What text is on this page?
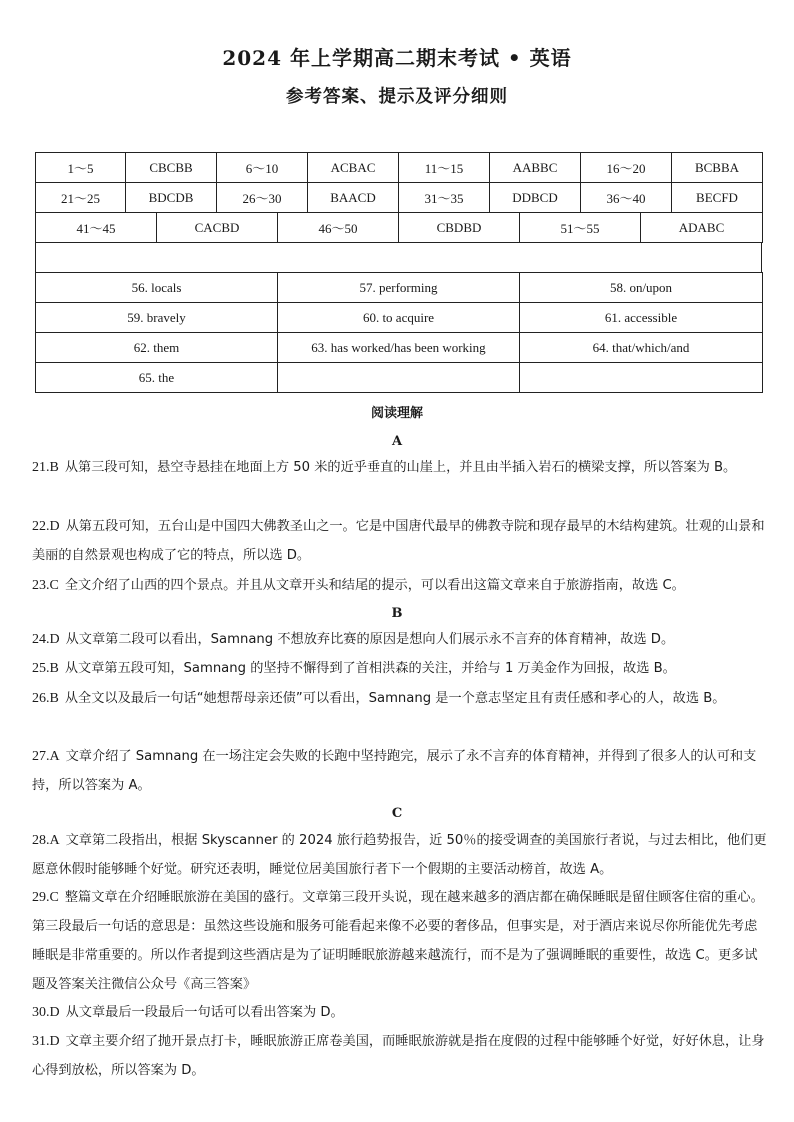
2024 年上学期高二期末考试 • 英语
参考答案、提示及评分细则
1～5	CBCBB	6～10	ACBAC	11～15	AABBC	16～20	BCBBA
21～25	BDCDB	26～30	BAACD	31～35	DDBCD	36～40	BECFD
41～45	CACBD	46～50	CBDBD	51～55	ADABC
56. locals	57. performing	58. on/upon
59. bravely	60. to acquire	61. accessible
62. them	63. has worked/has been working	64. that/which/and
65. the		
阅读理解
A
21.B 从第三段可知，悬空寺悬挂在地面上方 50 米的近乎垂直的山崖上，并且由半插入岩石的横梁支撑，所以答案为 B。
22.D 从第五段可知，五台山是中国四大佛教圣山之一。它是中国唐代最早的佛教寺院和现存最早的木结构建筑。壮观的山景和美丽的自然景观也构成了它的特点，所以选 D。
23.C 全文介绍了山西的四个景点。并且从文章开头和结尾的提示，可以看出这篇文章来自于旅游指南，故选 C。
B
24.D 从文章第二段可以看出，Samnang 不想放弃比赛的原因是想向人们展示永不言弃的体育精神，故选 D。
25.B 从文章第五段可知，Samnang 的坚持不懈得到了首相洪森的关注，并给与 1 万美金作为回报，故选 B。
26.B 从全文以及最后一句话“她想帮母亲还债”可以看出，Samnang 是一个意志坚定且有责任感和孝心的人，故选 B。
27.A 文章介绍了 Samnang 在一场注定会失败的长跑中坚持跑完，展示了永不言弃的体育精神，并得到了很多人的认可和支持，所以答案为 A。
C
28.A 文章第二段指出，根据 Skyscanner 的 2024 旅行趋势报告，近 50％的接受调查的美国旅行者说，与过去相比，他们更愿意休假时能够睡个好觉。研究还表明，睡觉位居美国旅行者下一个假期的主要活动榜首，故选 A。
29.C 整篇文章在介绍睡眠旅游在美国的盛行。文章第三段开头说，现在越来越多的酒店都在确保睡眠是留住顾客住宿的重心。第三段最后一句话的意思是：虽然这些设施和服务可能看起来像不必要的奢侈品，但事实是，对于酒店来说尽你所能优先考虑睡眠是非常重要的。所以作者提到这些酒店是为了证明睡眠旅游越来越流行，而不是为了强调睡眠的重要性，故选 C。更多试题及答案关注微信公众号《高三答案》
30.D 从文章最后一段最后一句话可以看出答案为 D。
31.D 文章主要介绍了抛开景点打卡，睡眠旅游正席卷美国，而睡眠旅游就是指在度假的过程中能够睡个好觉，好好休息，让身心得到放松，所以答案为 D。
